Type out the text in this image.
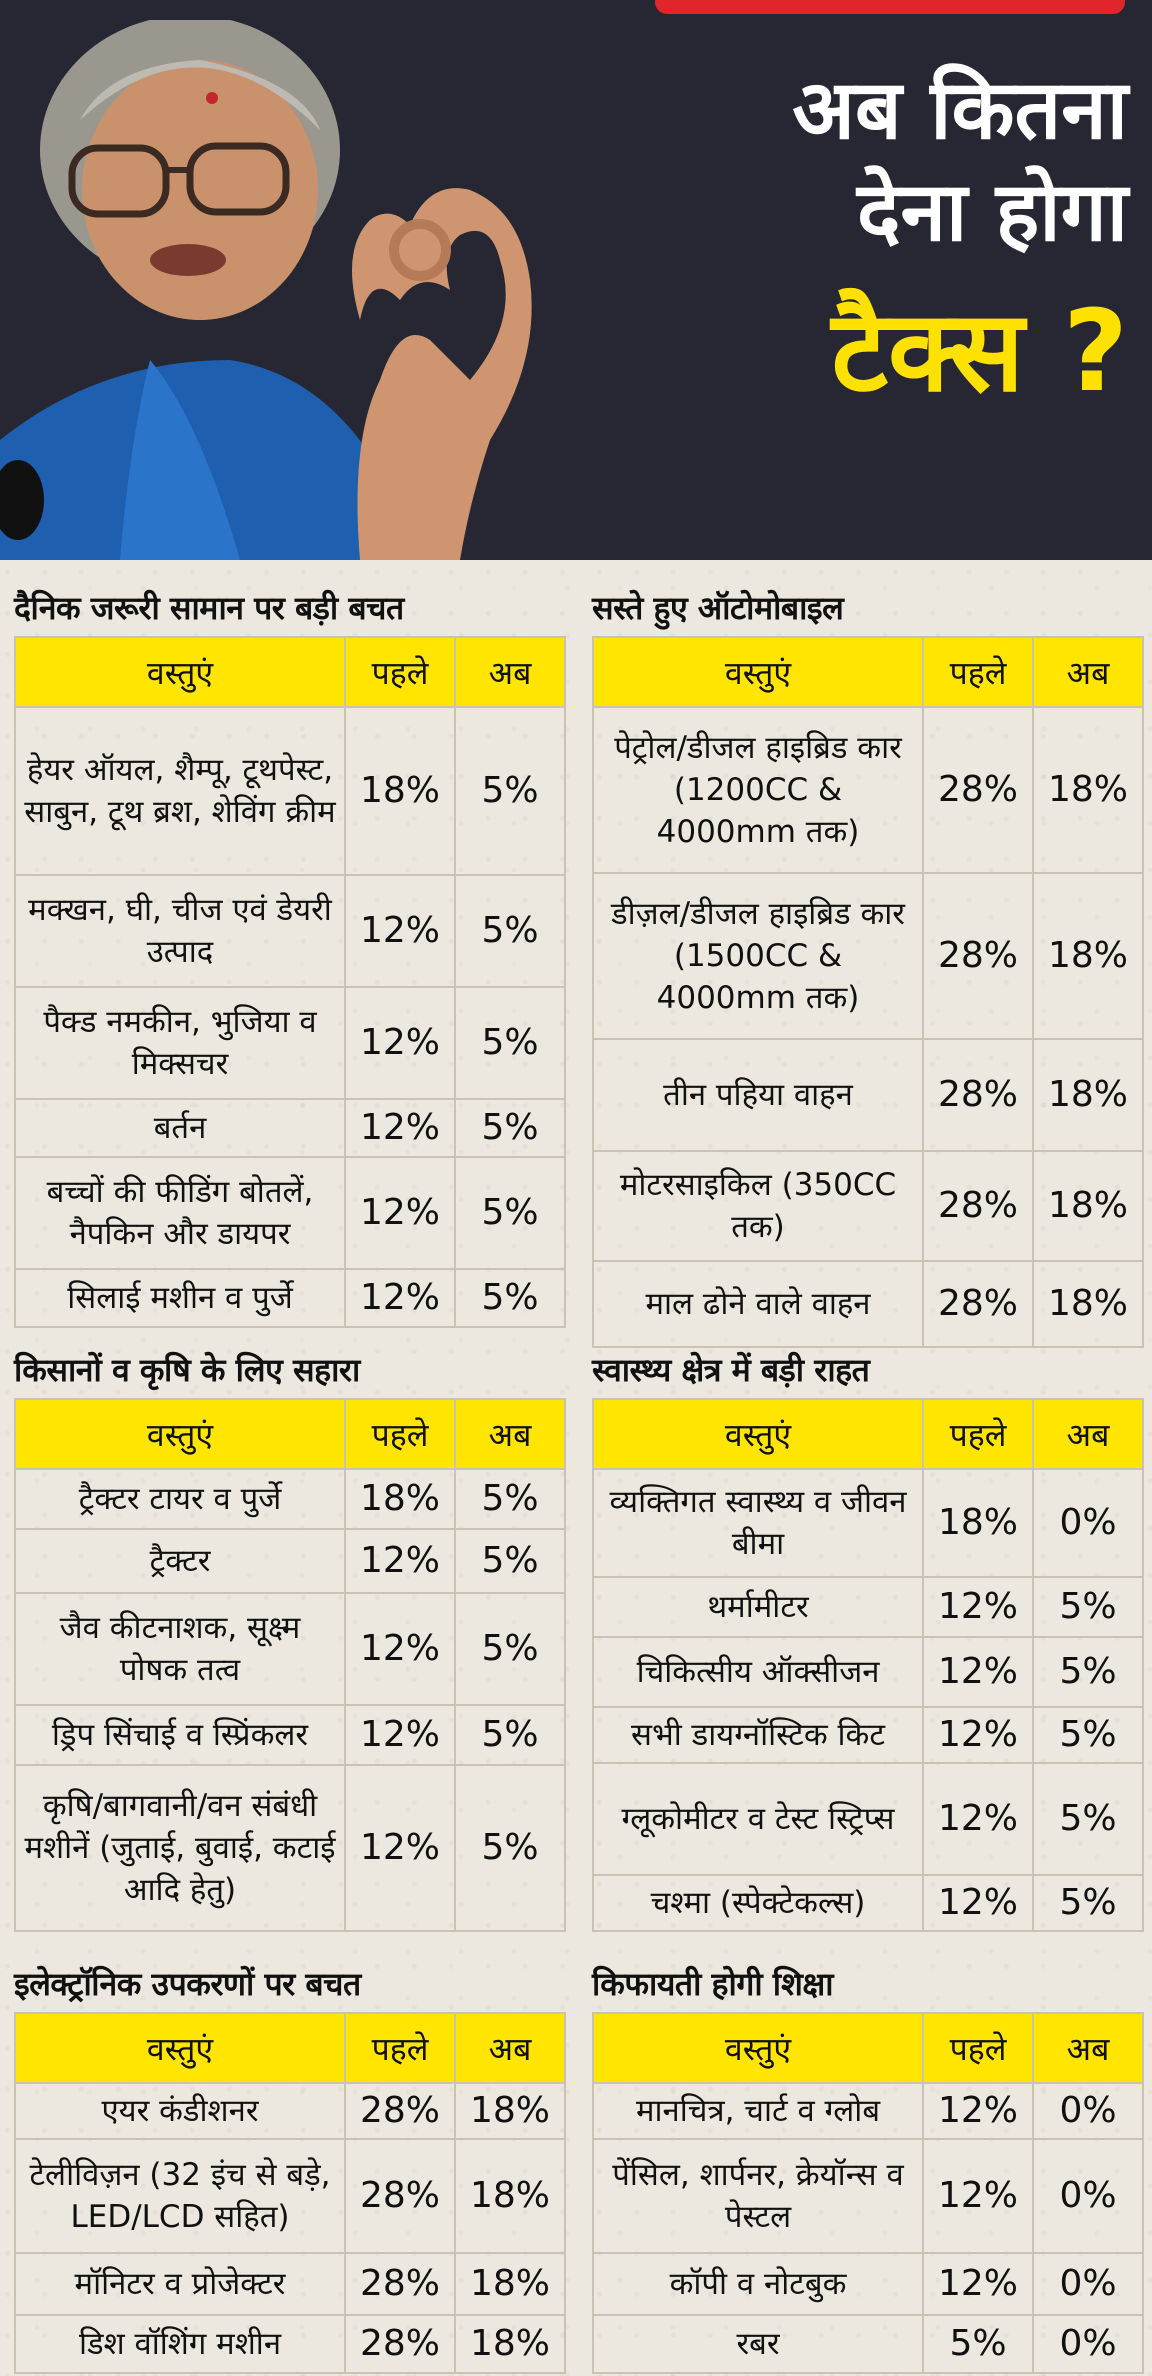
अब कितना
देना होगा
टैक्स ?
दैनिक जरूरी सामान पर बड़ी बचत
वस्तुएं	पहले	अब
हेयर ऑयल, शैम्पू, टूथपेस्ट, साबुन, टूथ ब्रश, शेविंग क्रीम	18%	5%
मक्खन, घी, चीज एवं डेयरी उत्पाद	12%	5%
पैक्ड नमकीन, भुजिया व मिक्सचर	12%	5%
बर्तन	12%	5%
बच्चों की फीडिंग बोतलें, नैपकिन और डायपर	12%	5%
सिलाई मशीन व पुर्जे	12%	5%
सस्ते हुए ऑटोमोबाइल
वस्तुएं	पहले	अब
पेट्रोल/डीजल हाइब्रिड कार (1200CC & 4000mm तक)	28%	18%
डीज़ल/डीजल हाइब्रिड कार (1500CC & 4000mm तक)	28%	18%
तीन पहिया वाहन	28%	18%
मोटरसाइकिल (350CC तक)	28%	18%
माल ढोने वाले वाहन	28%	18%
किसानों व कृषि के लिए सहारा
वस्तुएं	पहले	अब
ट्रैक्टर टायर व पुर्जे	18%	5%
ट्रैक्टर	12%	5%
जैव कीटनाशक, सूक्ष्म पोषक तत्व	12%	5%
ड्रिप सिंचाई व स्प्रिंकलर	12%	5%
कृषि/बागवानी/वन संबंधी मशीनें (जुताई, बुवाई, कटाई आदि हेतु)	12%	5%
स्वास्थ्य क्षेत्र में बड़ी राहत
वस्तुएं	पहले	अब
व्यक्तिगत स्वास्थ्य व जीवन बीमा	18%	0%
थर्मामीटर	12%	5%
चिकित्सीय ऑक्सीजन	12%	5%
सभी डायग्नॉस्टिक किट	12%	5%
ग्लूकोमीटर व टेस्ट स्ट्रिप्स	12%	5%
चश्मा (स्पेक्टेकल्स)	12%	5%
इलेक्ट्रॉनिक उपकरणों पर बचत
वस्तुएं	पहले	अब
एयर कंडीशनर	28%	18%
टेलीविज़न (32 इंच से बड़े, LED/LCD सहित)	28%	18%
मॉनिटर व प्रोजेक्टर	28%	18%
डिश वॉशिंग मशीन	28%	18%
किफायती होगी शिक्षा
वस्तुएं	पहले	अब
मानचित्र, चार्ट व ग्लोब	12%	0%
पेंसिल, शार्पनर, क्रेयॉन्स व पेस्टल	12%	0%
कॉपी व नोटबुक	12%	0%
रबर	5%	0%
